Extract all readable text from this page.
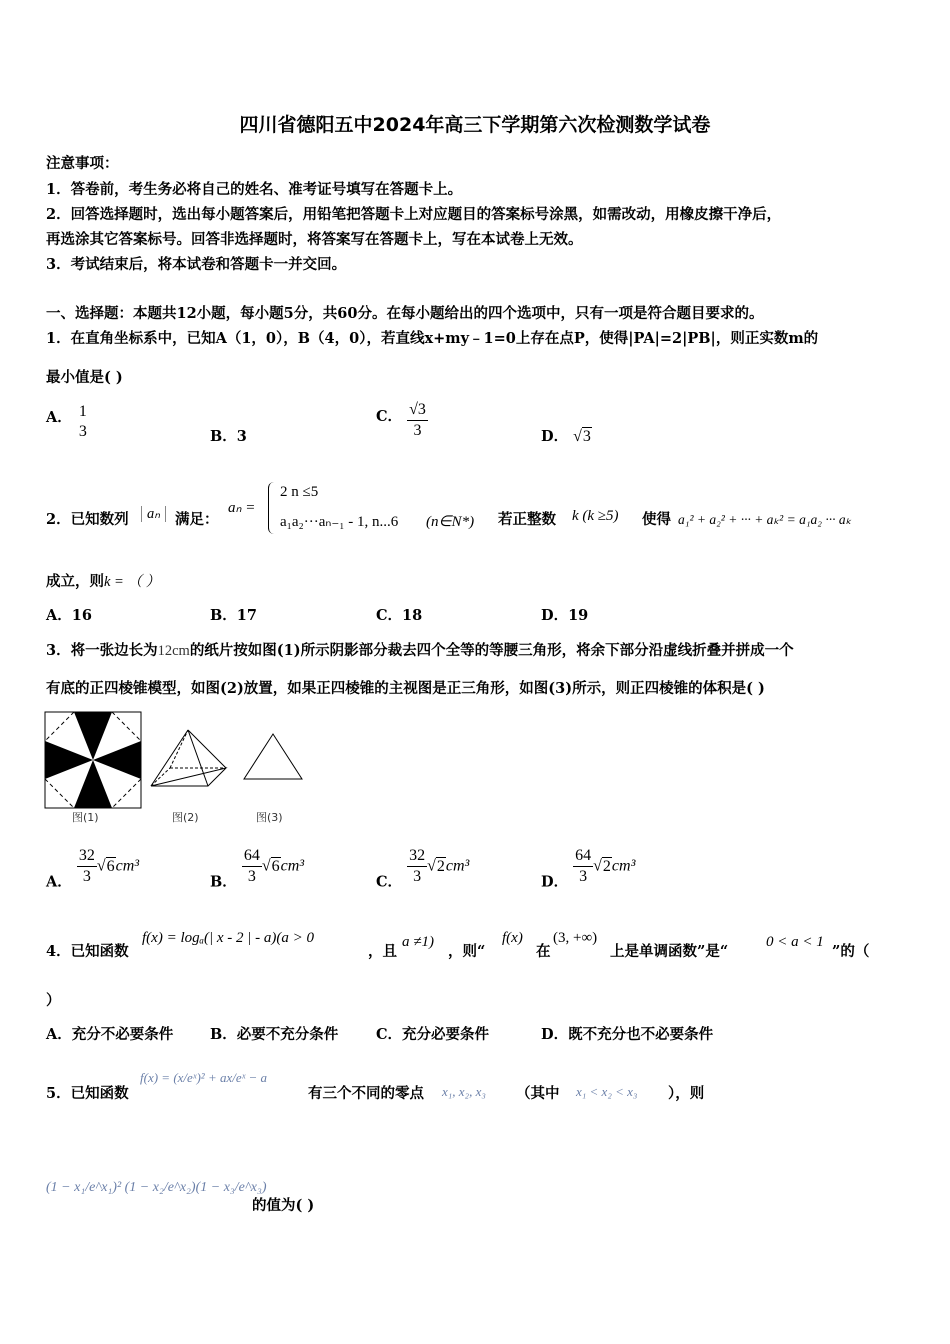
四川省德阳五中2024年高三下学期第六次检测数学试卷
注意事项：
1．答卷前，考生务必将自己的姓名、准考证号填写在答题卡上。
2．回答选择题时，选出每小题答案后，用铅笔把答题卡上对应题目的答案标号涂黑，如需改动，用橡皮擦干净后，
再选涂其它答案标号。回答非选择题时，将答案写在答题卡上，写在本试卷上无效。
3．考试结束后，将本试卷和答题卡一并交回。
一、选择题：本题共12小题，每小题5分，共60分。在每小题给出的四个选项中，只有一项是符合题目要求的。
1．在直角坐标系中，已知A（1，0），B（4，0），若直线x+my﹣1=0上存在点P，使得|PA|=2|PB|，则正实数m的
最小值是( )
A． 1
3	B．3
C． $\frac{√3}{3}$	D． √3
2．已知数列	aₙ	满足：
aₙ =
2 n ≤5
a₁a₂···aₙ₋₁ - 1, n...6 (n∈N*) 若正整数 k (k ≥5) 使得 a₁² + a₂² + ··· + aₖ² = a₁a₂ ··· aₖ
成立，则k = （ ）
A．16	B．17	C．18	D．19
3．将一张边长为12cm的纸片按如图(1)所示阴影部分裁去四个全等的等腰三角形，将余下部分沿虚线折叠并拼成一个
有底的正四棱锥模型，如图(2)放置，如果正四棱锥的主视图是正三角形，如图(3)所示，则正四棱锥的体积是( )
图(1)	图(2)	图(3)
A． $\frac{32}{3} √6cm^3$
B． $\frac{64}{3} √6cm^3$
C． $\frac{32}{3} √2cm^3$
D． $\frac{64}{3} √2cm^3$
4．已知函数
f(x) = logₐ(| x - 2 | - a)(a > 0
，且
a ≠1)
，则“
f(x)
在
(3, +∞)
上是单调函数”是“
0 < a < 1
”的（
）
A．充分不必要条件	B．必要不充分条件	C．充分必要条件	D．既不充分也不必要条件
5．已知函数
f(x) = (x/eˣ)² + ax/eˣ − a
有三个不同的零点 x₁, x₂, x₃ （其中 x₁ < x₂ < x₃ ），则
(1 − x₁/e^x₁)² (1 − x₂/e^x₂)(1 − x₃/e^x₃)
的值为( )
